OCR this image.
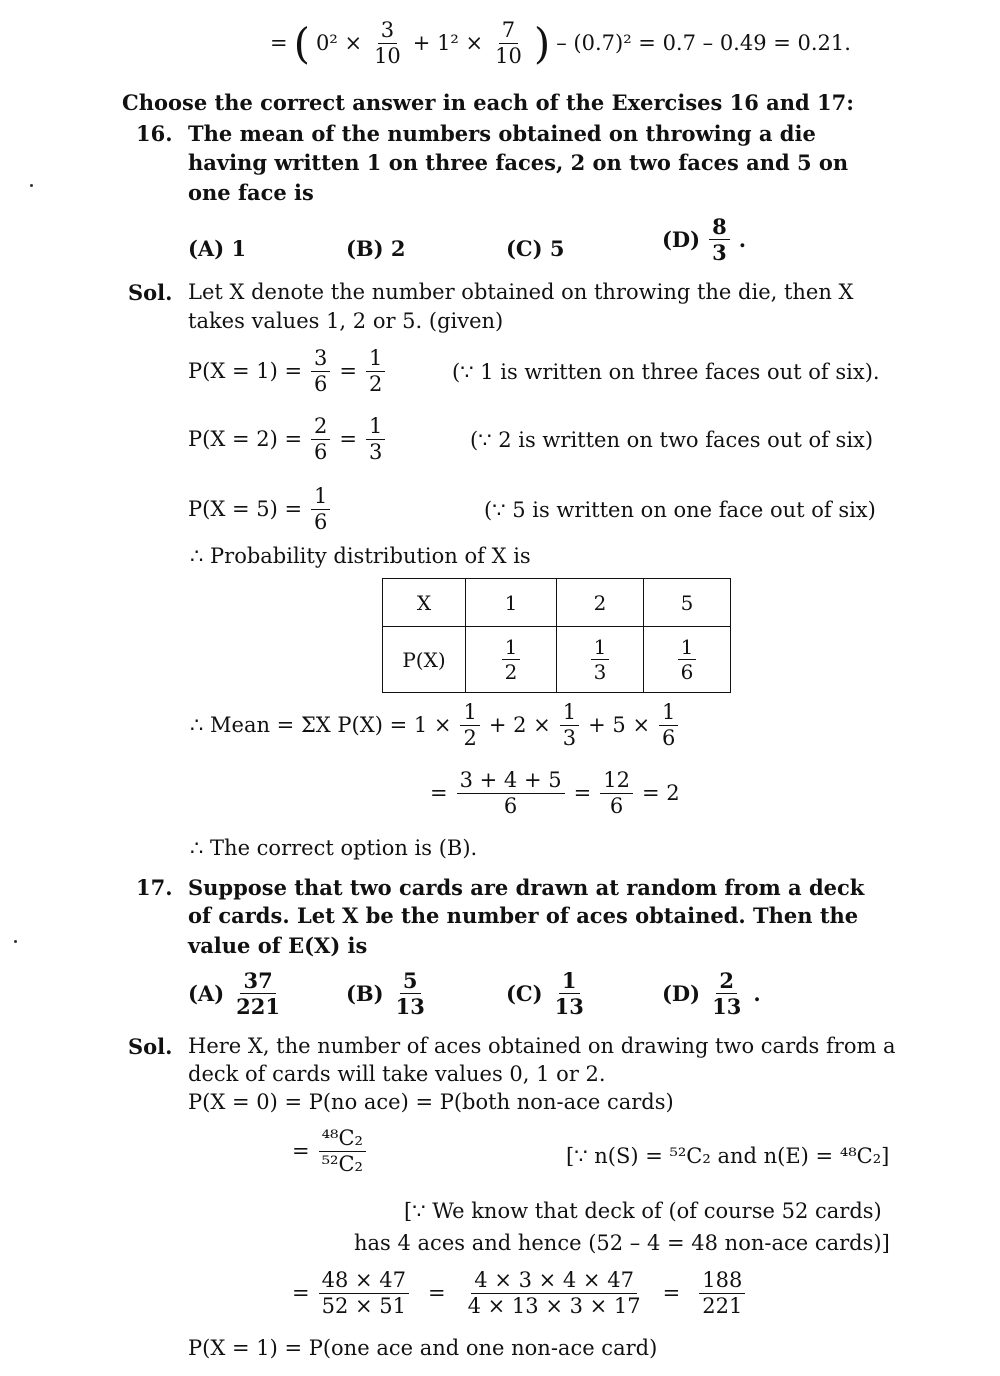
= ( $0^2 \times \frac{3}{10} + 1^2 \times \frac{7}{10}$ ) – (0.7)² = 0.7 – 0.49 = 0.21.
Choose the correct answer in each of the Exercises 16 and 17:
16. The mean of the numbers obtained on throwing a die
having written 1 on three faces, 2 on two faces and 5 on
one face is
(A) 1	(B) 2	(C) 5	$(D) \frac{8}{3}$ .
Sol. Let X denote the number obtained on throwing the die, then X
takes values 1, 2 or 5. (given)
$P(X = 1) = \frac{3}{6} = \frac{1}{2}$	(∵ 1 is written on three faces out of six).
$P(X = 2) = \frac{2}{6} = \frac{1}{3}$	(∵ 2 is written on two faces out of six)
$P(X = 5) = \frac{1}{6}$	(∵ 5 is written on one face out of six)
∴ Probability distribution of X is
X	1	2	5
P(X)	$\frac{1}{2}$	$\frac{1}{3}$	$\frac{1}{6}$
∴ Mean = ΣX $P(X) = 1 \times \frac{1}{2} + 2 \times \frac{1}{3} + 5 \times \frac{1}{6}$
= $\frac{3 + 4 + 5}{6} = \frac{12}{6} = 2$
∴ The correct option is (B).
17. Suppose that two cards are drawn at random from a deck
of cards. Let X be the number of aces obtained. Then the
value of E(X) is
$(A) \frac{37}{221}$	$(B) \frac{5}{13}$	$(C) \frac{1}{13}$	$(D) \frac{2}{13}$ .
Sol. Here X, the number of aces obtained on drawing two cards from a
deck of cards will take values 0, 1 or 2.
P(X = 0) = P(no ace) = P(both non-ace cards)
= $\frac{\text{⁴⁸C₂}}{\text{⁵²C₂}}$	[∵ n(S) = ⁵²C₂ and n(E) = ⁴⁸C₂]
[∵ We know that deck of (of course 52 cards)
has 4 aces and hence (52 – 4 = 48 non-ace cards)]
= $\frac{48 \times 47}{52 \times 51} = \frac{4 \times 3 \times 4 \times 47}{4 \times 13 \times 3 \times 17} = \frac{188}{221}$
P(X = 1) = P(one ace and one non-ace card)
